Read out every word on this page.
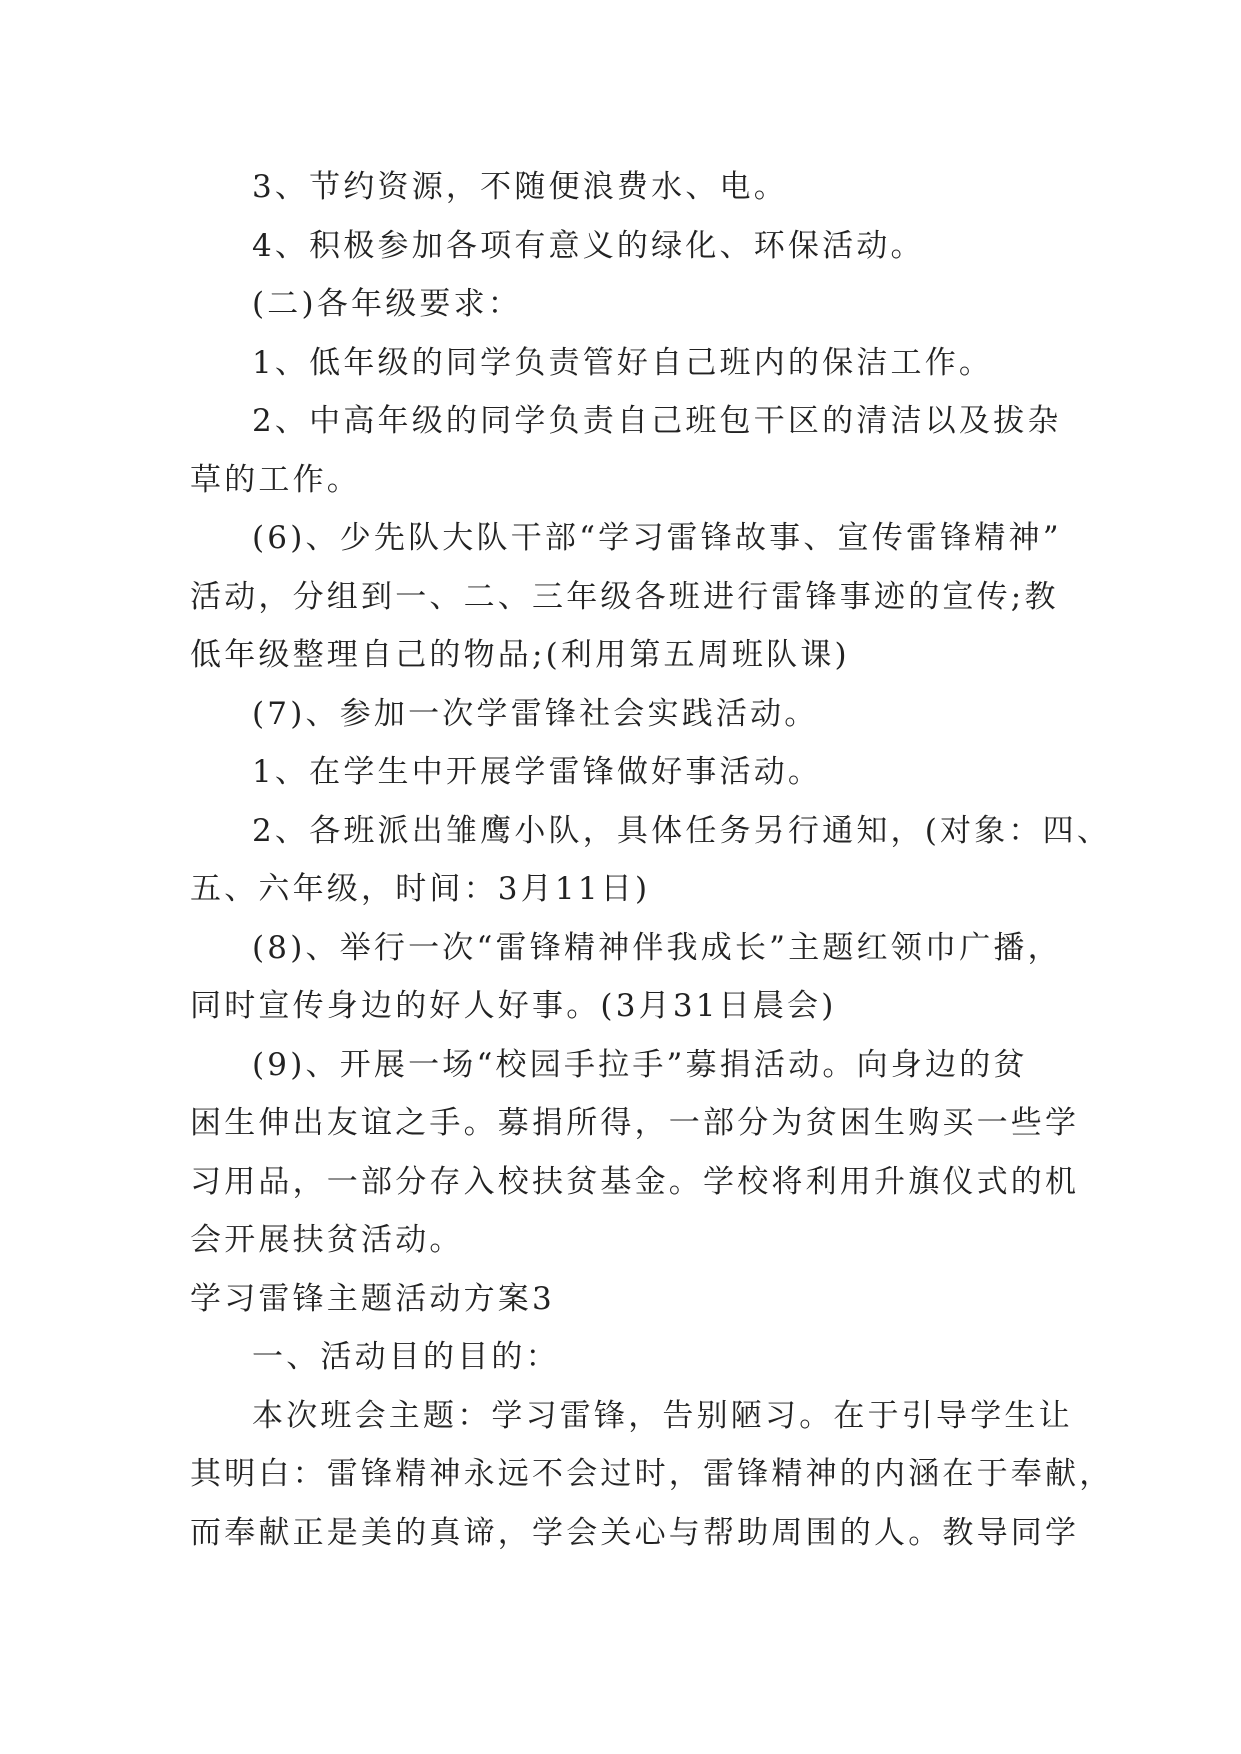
3、节约资源，不随便浪费水、电。
4、积极参加各项有意义的绿化、环保活动。
(二)各年级要求：
1、低年级的同学负责管好自己班内的保洁工作。
2、中高年级的同学负责自己班包干区的清洁以及拔杂
草的工作。
(6)、少先队大队干部“学习雷锋故事、宣传雷锋精神”
活动，分组到一、二、三年级各班进行雷锋事迹的宣传;教
低年级整理自己的物品;(利用第五周班队课)
(7)、参加一次学雷锋社会实践活动。
1、在学生中开展学雷锋做好事活动。
2、各班派出雏鹰小队，具体任务另行通知，(对象：四、
五、六年级，时间：3月11日)
(8)、举行一次“雷锋精神伴我成长”主题红领巾广播，
同时宣传身边的好人好事。(3月31日晨会)
(9)、开展一场“校园手拉手”募捐活动。向身边的贫
困生伸出友谊之手。募捐所得，一部分为贫困生购买一些学
习用品，一部分存入校扶贫基金。学校将利用升旗仪式的机
会开展扶贫活动。
学习雷锋主题活动方案3
一、活动目的目的：
本次班会主题：学习雷锋，告别陋习。在于引导学生让
其明白：雷锋精神永远不会过时，雷锋精神的内涵在于奉献，
而奉献正是美的真谛，学会关心与帮助周围的人。教导同学
